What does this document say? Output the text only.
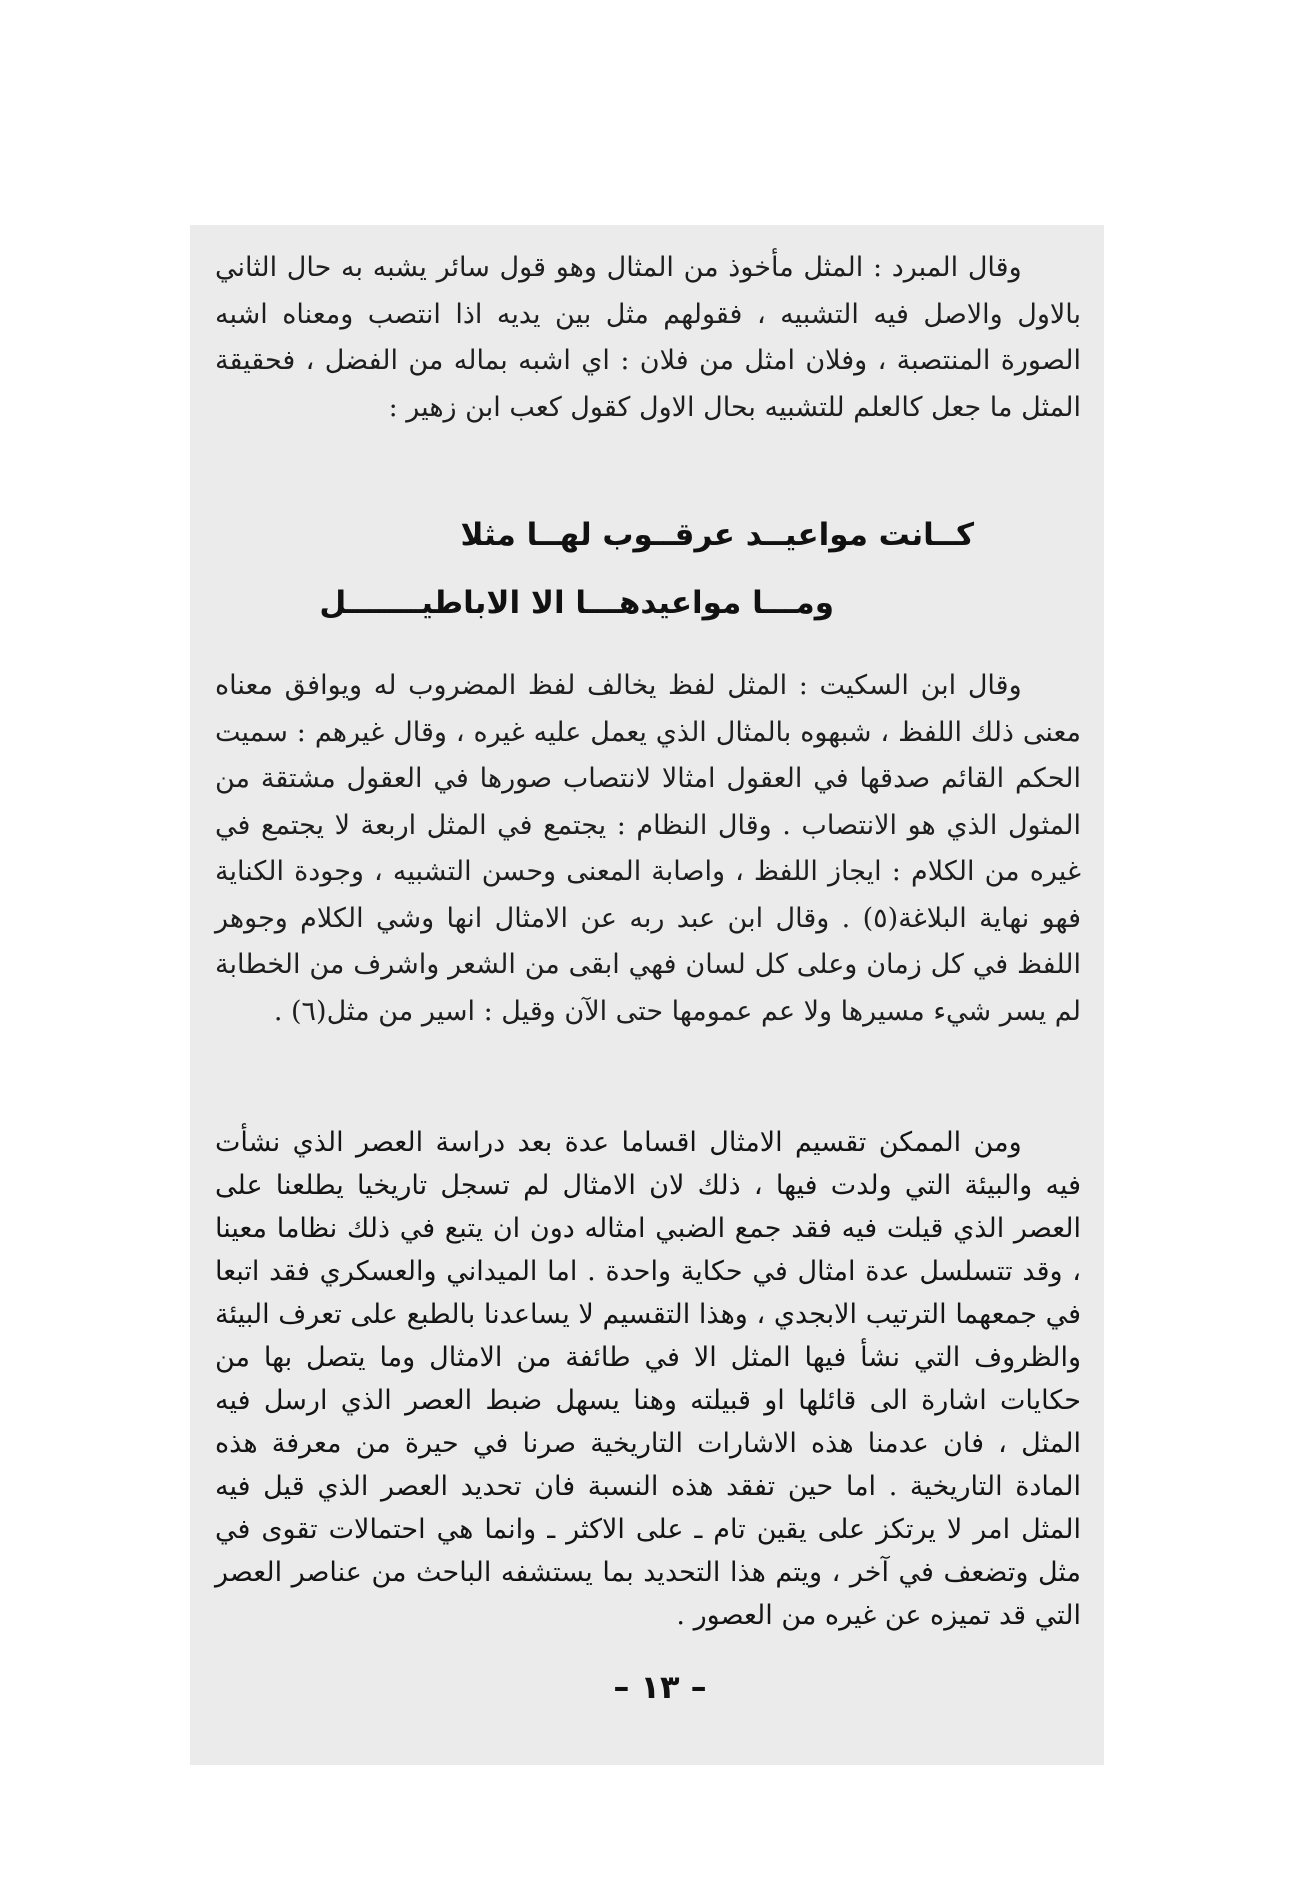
وقال المبرد : المثل مأخوذ من المثال وهو قول سائر يشبه به حال الثاني بالاول والاصل فيه التشبيه ، فقولهم مثل بين يديه اذا انتصب ومعناه اشبه الصورة المنتصبة ، وفلان امثل من فلان : اي اشبه بماله من الفضل ، فحقيقة المثل ما جعل كالعلم للتشبيه بحال الاول كقول كعب ابن زهير :

كــانت مواعيــد عرقــوب لهــا مثلا
ومـــا مواعيدهـــا الا الاباطيـــــــل

وقال ابن السكيت : المثل لفظ يخالف لفظ المضروب له ويوافق معناه معنى ذلك اللفظ ، شبهوه بالمثال الذي يعمل عليه غيره ، وقال غيرهم : سميت الحكم القائم صدقها في العقول امثالا لانتصاب صورها في العقول مشتقة من المثول الذي هو الانتصاب . وقال النظام : يجتمع في المثل اربعة لا يجتمع في غيره من الكلام : ايجاز اللفظ ، واصابة المعنى وحسن التشبيه ، وجودة الكناية فهو نهاية البلاغة(٥) . وقال ابن عبد ربه عن الامثال انها وشي الكلام وجوهر اللفظ في كل زمان وعلى كل لسان فهي ابقى من الشعر واشرف من الخطابة لم يسر شيء مسيرها ولا عم عمومها حتى الآن وقيل : اسير من مثل(٦) .

ومن الممكن تقسيم الامثال اقساما عدة بعد دراسة العصر الذي نشأت فيه والبيئة التي ولدت فيها ، ذلك لان الامثال لم تسجل تاريخيا يطلعنا على العصر الذي قيلت فيه فقد جمع الضبي امثاله دون ان يتبع في ذلك نظاما معينا ، وقد تتسلسل عدة امثال في حكاية واحدة . اما الميداني والعسكري فقد اتبعا في جمعهما الترتيب الابجدي ، وهذا التقسيم لا يساعدنا بالطبع على تعرف البيئة والظروف التي نشأ فيها المثل الا في طائفة من الامثال وما يتصل بها من حكايات اشارة الى قائلها او قبيلته وهنا يسهل ضبط العصر الذي ارسل فيه المثل ، فان عدمنا هذه الاشارات التاريخية صرنا في حيرة من معرفة هذه المادة التاريخية . اما حين تفقد هذه النسبة فان تحديد العصر الذي قيل فيه المثل امر لا يرتكز على يقين تام ـ على الاكثر ـ وانما هي احتمالات تقوى في مثل وتضعف في آخر ، ويتم هذا التحديد بما يستشفه الباحث من عناصر العصر التي قد تميزه عن غيره من العصور .

– ١٣ –
